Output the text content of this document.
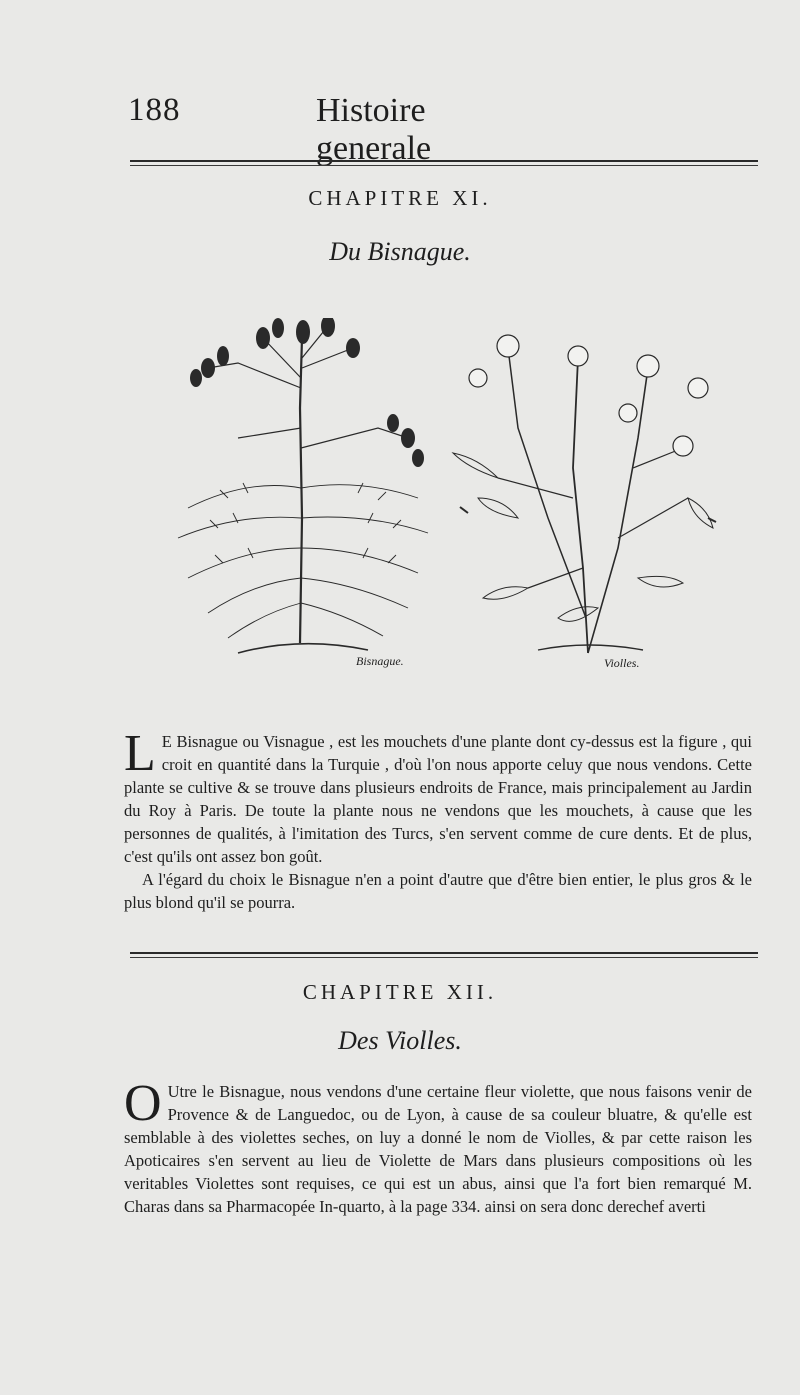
188	Histoire generale
CHAPITRE XI.
Du Bisnague.
Bisnague.	Violles.

L E Bisnague ou Visnague , est les mouchets d'une plante dont cy-dessus est la figure , qui croit en quantité dans la Turquie , d'où l'on nous apporte celuy que nous vendons. Cette plante se cultive & se trouve dans plusieurs endroits de France, mais principalement au Jardin du Roy à Paris. De toute la plante nous ne vendons que les mouchets, à cause que les personnes de qualités, à l'imitation des Turcs, s'en servent comme de cure dents. Et de plus, c'est qu'ils ont assez bon goût.

A l'égard du choix le Bisnague n'en a point d'autre que d'être bien entier, le plus gros & le plus blond qu'il se pourra.

CHAPITRE XII.
Des Violles.

O Utre le Bisnague, nous vendons d'une certaine fleur violette, que nous faisons venir de Provence & de Languedoc, ou de Lyon, à cause de sa couleur bluatre, & qu'elle est semblable à des violettes seches, on luy a donné le nom de Violles, & par cette raison les Apoticaires s'en servent au lieu de Violette de Mars dans plusieurs compositions où les veritables Violettes sont requises, ce qui est un abus, ainsi que l'a fort bien remarqué M. Charas dans sa Pharmacopée In-quarto, à la page 334. ainsi on sera donc derechef averti
